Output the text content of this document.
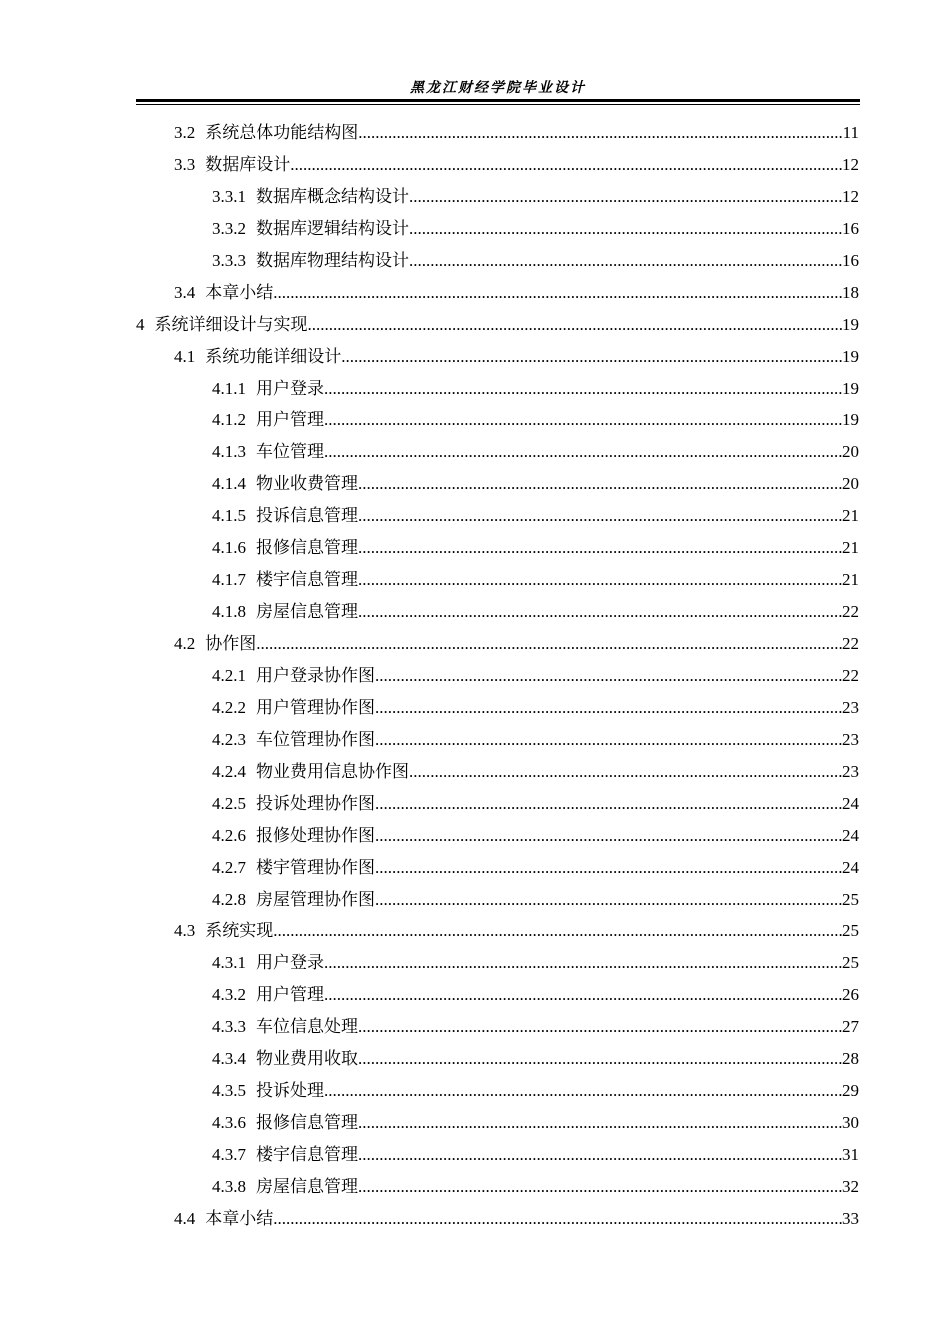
黑龙江财经学院毕业设计
3.2 系统总体功能结构图 .....	11
3.3 数据库设计 .....	12
3.3.1 数据库概念结构设计 .....	12
3.3.2 数据库逻辑结构设计 .....	16
3.3.3 数据库物理结构设计 .....	16
3.4 本章小结 .....	18
4 系统详细设计与实现 .....	19
4.1 系统功能详细设计 .....	19
4.1.1 用户登录 .....	19
4.1.2 用户管理 .....	19
4.1.3 车位管理 .....	20
4.1.4 物业收费管理 .....	20
4.1.5 投诉信息管理 .....	21
4.1.6 报修信息管理 .....	21
4.1.7 楼宇信息管理 .....	21
4.1.8 房屋信息管理 .....	22
4.2 协作图 .....	22
4.2.1 用户登录协作图 .....	22
4.2.2 用户管理协作图 .....	23
4.2.3 车位管理协作图 .....	23
4.2.4 物业费用信息协作图 .....	23
4.2.5 投诉处理协作图 .....	24
4.2.6 报修处理协作图 .....	24
4.2.7 楼宇管理协作图 .....	24
4.2.8 房屋管理协作图 .....	25
4.3 系统实现 .....	25
4.3.1 用户登录 .....	25
4.3.2 用户管理 .....	26
4.3.3 车位信息处理 .....	27
4.3.4 物业费用收取 .....	28
4.3.5 投诉处理 .....	29
4.3.6 报修信息管理 .....	30
4.3.7 楼宇信息管理 .....	31
4.3.8 房屋信息管理 .....	32
4.4 本章小结 .....	33
